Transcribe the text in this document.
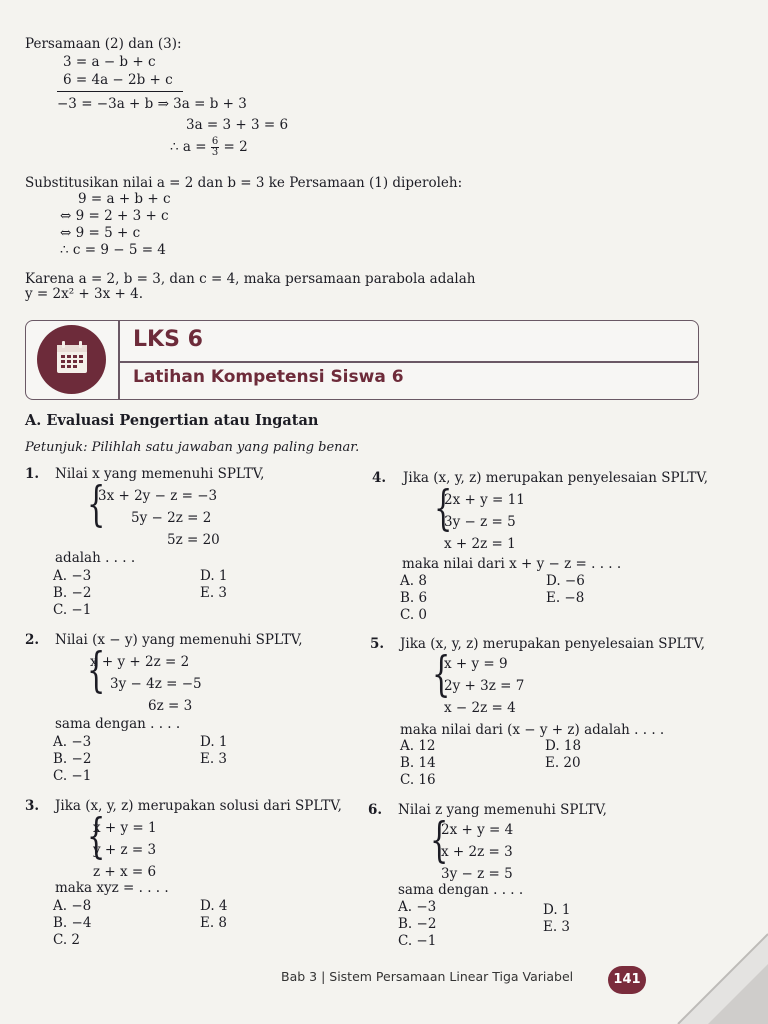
Persamaan (2) dan (3):
3 = a − b + c
6 = 4a − 2b + c
−3 = −3a + b ⇒ 3a = b + 3
3a = 3 + 3 = 6
∴ $a = \frac{6}{3} = 2$
Substitusikan nilai a = 2 dan b = 3 ke Persamaan (1) diperoleh:
9 = a + b + c
⇔ 9 = 2 + 3 + c
⇔ 9 = 5 + c
∴ c = 9 − 5 = 4
Karena a = 2, b = 3, dan c = 4, maka persamaan parabola adalah
y = 2x² + 3x + 4.
LKS 6
Latihan Kompetensi Siswa 6
A. Evaluasi Pengertian atau Ingatan
Petunjuk: Pilihlah satu jawaban yang paling benar.
1. Nilai x yang memenuhi SPLTV,
{
3x + 2y − z = −3
5y − 2z = 2
5z = 20
adalah . . . .
A. −3
B. −2
C. −1
D. 1
E. 3
2. Nilai (x − y) yang memenuhi SPLTV,
{
x + y + 2z = 2
3y − 4z = −5
6z = 3
sama dengan . . . .
A. −3
B. −2
C. −1
D. 1
E. 3
3. Jika (x, y, z) merupakan solusi dari SPLTV,
{
x + y = 1
y + z = 3
z + x = 6
maka xyz = . . . .
A. −8
B. −4
C. 2
D. 4
E. 8
4. Jika (x, y, z) merupakan penyelesaian SPLTV,
{
2x + y = 11
3y − z = 5
x + 2z = 1
maka nilai dari x + y − z = . . . .
A. 8
B. 6
C. 0
D. −6
E. −8
5. Jika (x, y, z) merupakan penyelesaian SPLTV,
{
x + y = 9
2y + 3z = 7
x − 2z = 4
maka nilai dari (x − y + z) adalah . . . .
A. 12
B. 14
C. 16
D. 18
E. 20
6. Nilai z yang memenuhi SPLTV,
{
2x + y = 4
x + 2z = 3
3y − z = 5
sama dengan . . . .
A. −3
B. −2
C. −1
D. 1
E. 3
Bab 3 | Sistem Persamaan Linear Tiga Variabel	141
